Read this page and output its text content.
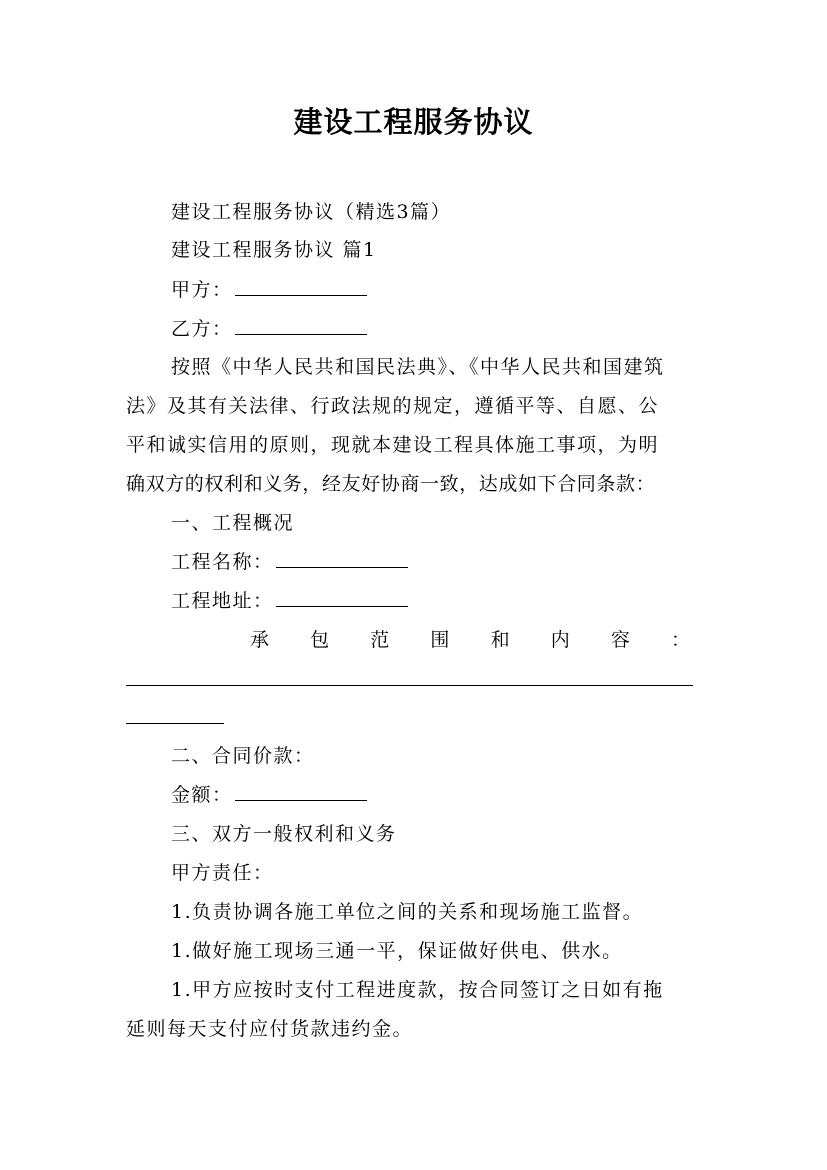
建设工程服务协议
建设工程服务协议（精选3篇）
建设工程服务协议 篇1
甲方：
乙方：
按照《中华人民共和国民法典》、《中华人民共和国建筑
法》及其有关法律、行政法规的规定，遵循平等、自愿、公
平和诚实信用的原则，现就本建设工程具体施工事项，为明
确双方的权利和义务，经友好协商一致，达成如下合同条款：
一、工程概况
工程名称：
工程地址：
承 包 范 围 和 内 容 ：
二、合同价款：
金额：
三、双方一般权利和义务
甲方责任：
1.负责协调各施工单位之间的关系和现场施工监督。
1.做好施工现场三通一平，保证做好供电、供水。
1.甲方应按时支付工程进度款，按合同签订之日如有拖
延则每天支付应付货款违约金。
